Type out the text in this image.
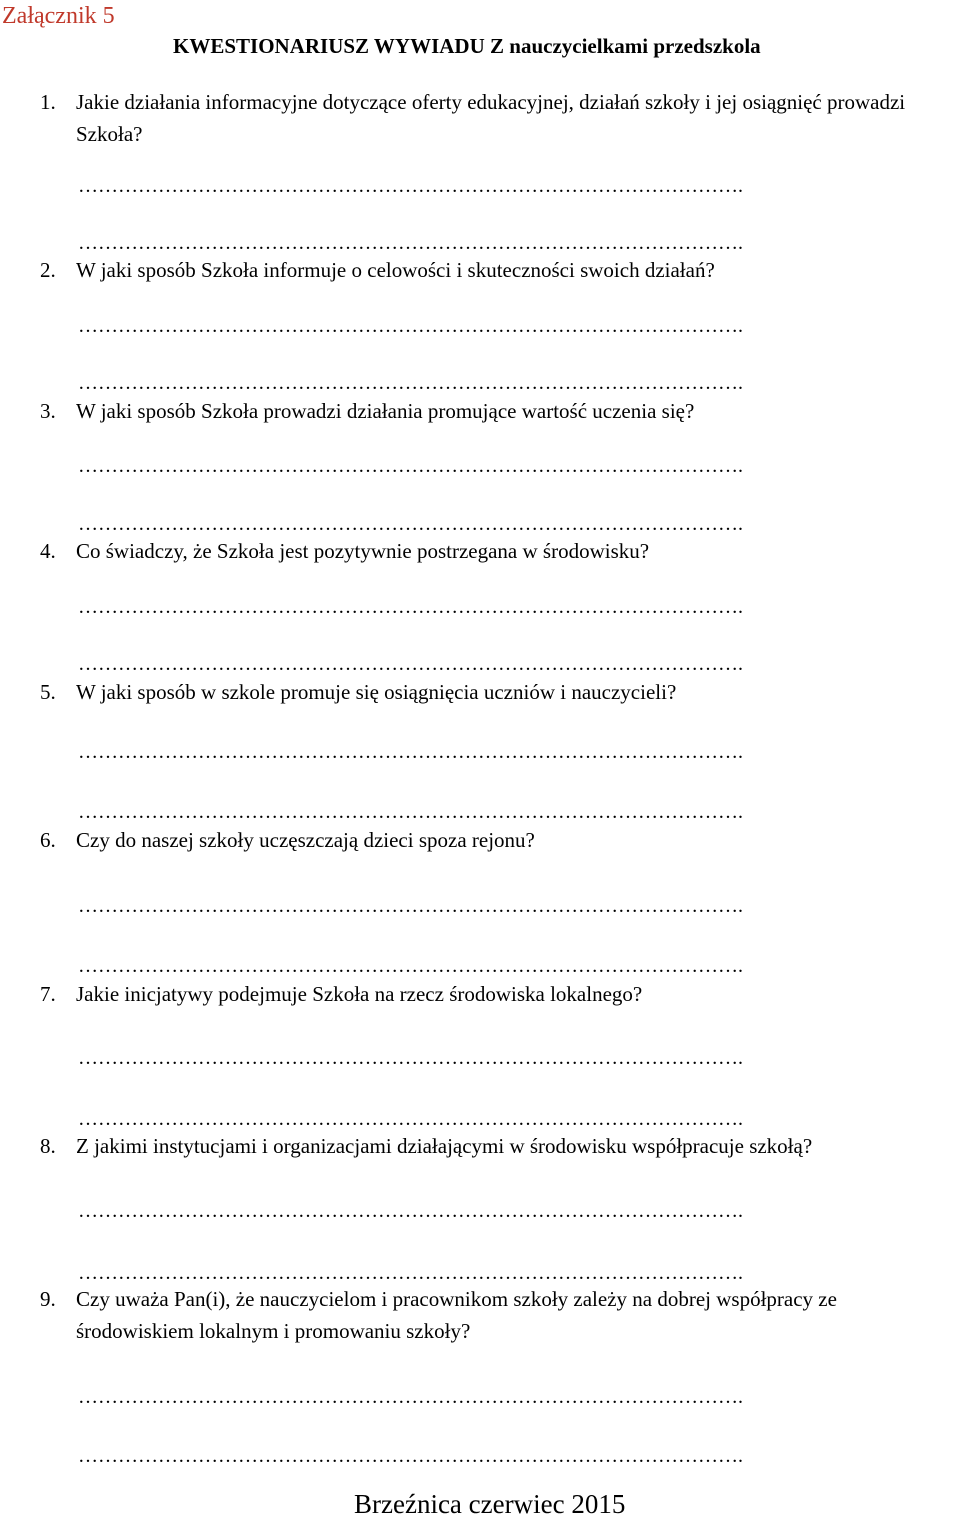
Załącznik 5
KWESTIONARIUSZ WYWIADU Z nauczycielkami przedszkola
1. Jakie działania informacyjne dotyczące oferty edukacyjnej, działań szkoły i jej osiągnięć prowadzi Szkoła?
……………………………………………………………………………………….
……………………………………………………………………………………….
2. W jaki sposób Szkoła informuje o celowości i skuteczności swoich działań?
……………………………………………………………………………………….
……………………………………………………………………………………….
3. W jaki sposób Szkoła prowadzi działania promujące wartość uczenia się?
……………………………………………………………………………………….
……………………………………………………………………………………….
4. Co świadczy, że Szkoła jest pozytywnie postrzegana w środowisku?
……………………………………………………………………………………….
……………………………………………………………………………………….
5. W jaki sposób w szkole promuje się osiągnięcia uczniów i nauczycieli?
……………………………………………………………………………………….
……………………………………………………………………………………….
6. Czy do naszej szkoły uczęszczają dzieci spoza rejonu?
……………………………………………………………………………………….
……………………………………………………………………………………….
7. Jakie inicjatywy podejmuje Szkoła na rzecz środowiska lokalnego?
……………………………………………………………………………………….
……………………………………………………………………………………….
8. Z jakimi instytucjami i organizacjami działającymi w środowisku współpracuje szkołą?
……………………………………………………………………………………….
……………………………………………………………………………………….
9. Czy uważa Pan(i), że nauczycielom i pracownikom szkoły zależy na dobrej współpracy ze środowiskiem lokalnym i promowaniu szkoły?
……………………………………………………………………………………….
……………………………………………………………………………………….
Brzeźnica czerwiec 2015
